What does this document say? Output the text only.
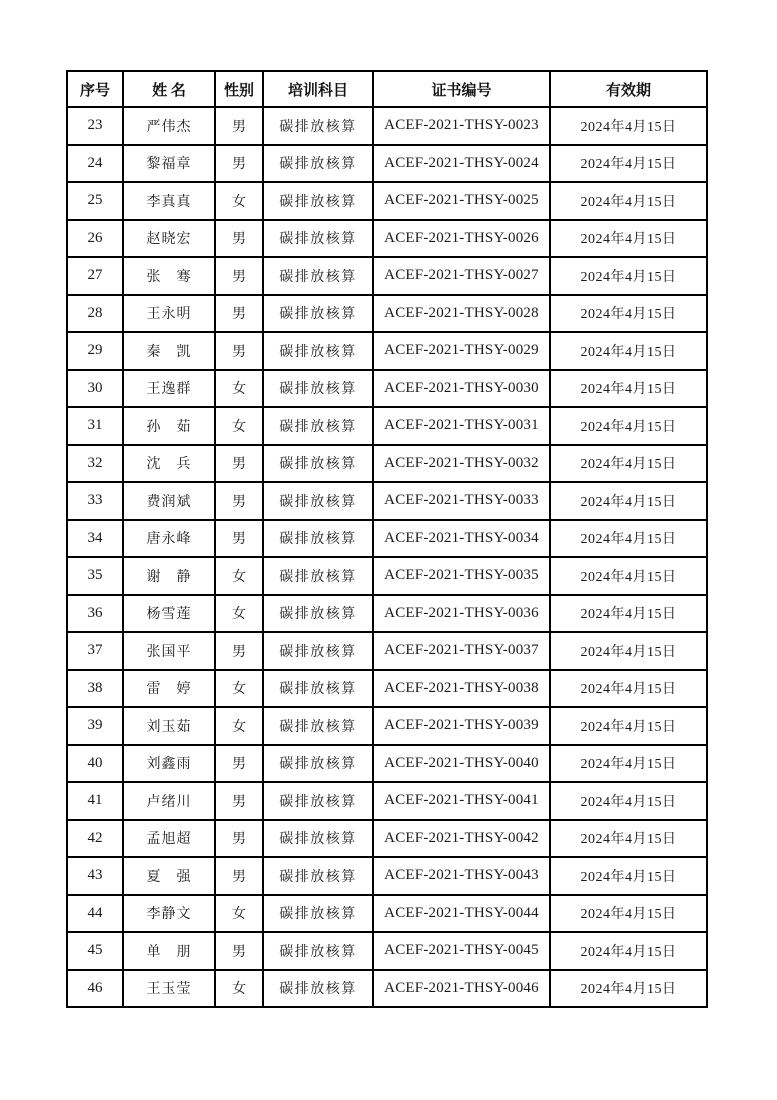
序号	姓 名	性别	培训科目	证书编号	有效期
23	严伟杰	男	碳排放核算	ACEF-2021-THSY-0023	2024年4月15日
24	黎福章	男	碳排放核算	ACEF-2021-THSY-0024	2024年4月15日
25	李真真	女	碳排放核算	ACEF-2021-THSY-0025	2024年4月15日
26	赵晓宏	男	碳排放核算	ACEF-2021-THSY-0026	2024年4月15日
27	张　骞	男	碳排放核算	ACEF-2021-THSY-0027	2024年4月15日
28	王永明	男	碳排放核算	ACEF-2021-THSY-0028	2024年4月15日
29	秦　凯	男	碳排放核算	ACEF-2021-THSY-0029	2024年4月15日
30	王逸群	女	碳排放核算	ACEF-2021-THSY-0030	2024年4月15日
31	孙　茹	女	碳排放核算	ACEF-2021-THSY-0031	2024年4月15日
32	沈　兵	男	碳排放核算	ACEF-2021-THSY-0032	2024年4月15日
33	费润斌	男	碳排放核算	ACEF-2021-THSY-0033	2024年4月15日
34	唐永峰	男	碳排放核算	ACEF-2021-THSY-0034	2024年4月15日
35	谢　静	女	碳排放核算	ACEF-2021-THSY-0035	2024年4月15日
36	杨雪莲	女	碳排放核算	ACEF-2021-THSY-0036	2024年4月15日
37	张国平	男	碳排放核算	ACEF-2021-THSY-0037	2024年4月15日
38	雷　婷	女	碳排放核算	ACEF-2021-THSY-0038	2024年4月15日
39	刘玉茹	女	碳排放核算	ACEF-2021-THSY-0039	2024年4月15日
40	刘鑫雨	男	碳排放核算	ACEF-2021-THSY-0040	2024年4月15日
41	卢绪川	男	碳排放核算	ACEF-2021-THSY-0041	2024年4月15日
42	孟旭超	男	碳排放核算	ACEF-2021-THSY-0042	2024年4月15日
43	夏　强	男	碳排放核算	ACEF-2021-THSY-0043	2024年4月15日
44	李静文	女	碳排放核算	ACEF-2021-THSY-0044	2024年4月15日
45	单　朋	男	碳排放核算	ACEF-2021-THSY-0045	2024年4月15日
46	王玉莹	女	碳排放核算	ACEF-2021-THSY-0046	2024年4月15日
